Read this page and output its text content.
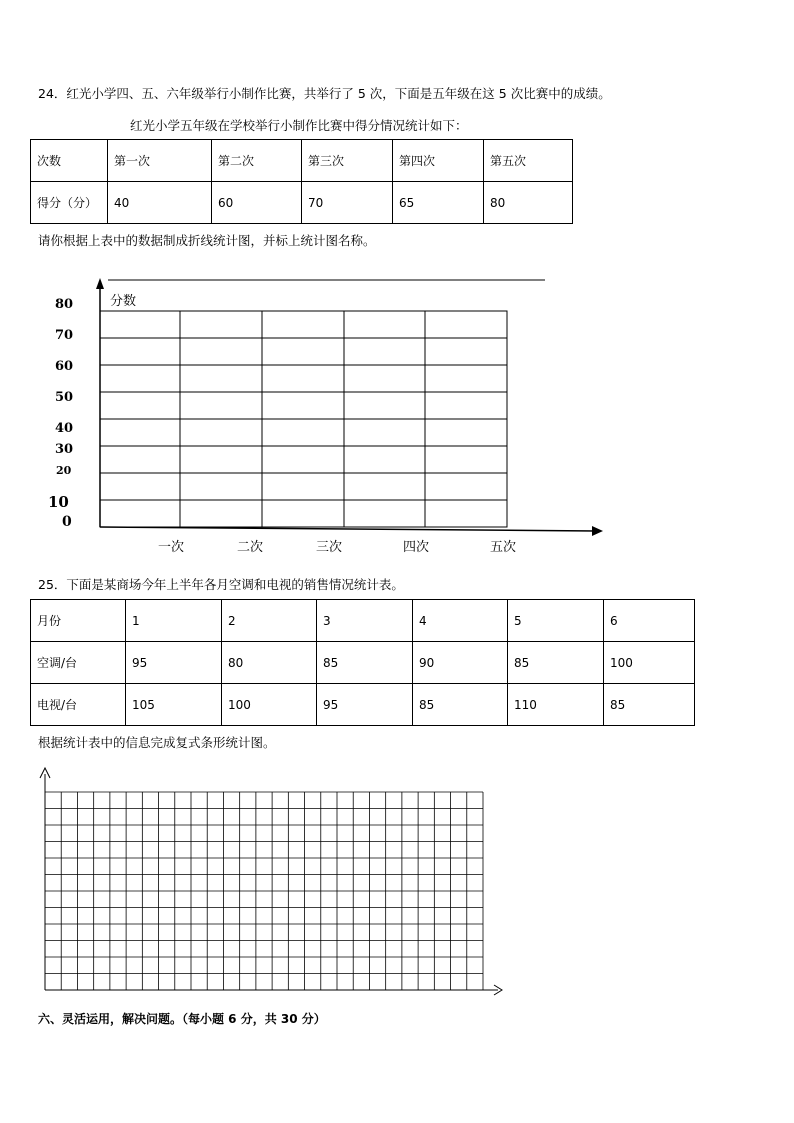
24．红光小学四、五、六年级举行小制作比赛，共举行了 5 次，下面是五年级在这 5 次比赛中的成绩。
红光小学五年级在学校举行小制作比赛中得分情况统计如下：
次数	第一次	第二次	第三次	第四次	第五次
得分（分）	40	60	70	65	80
请你根据上表中的数据制成折线统计图，并标上统计图名称。
分数
80
70
60
50
40
30
20
10
0
一次	二次	三次	四次	五次
25．下面是某商场今年上半年各月空调和电视的销售情况统计表。
月份	1	2	3	4	5	6
空调/台	95	80	85	90	85	100
电视/台	105	100	95	85	110	85
根据统计表中的信息完成复式条形统计图。
六、灵活运用，解决问题。（每小题 6 分，共 30 分）
